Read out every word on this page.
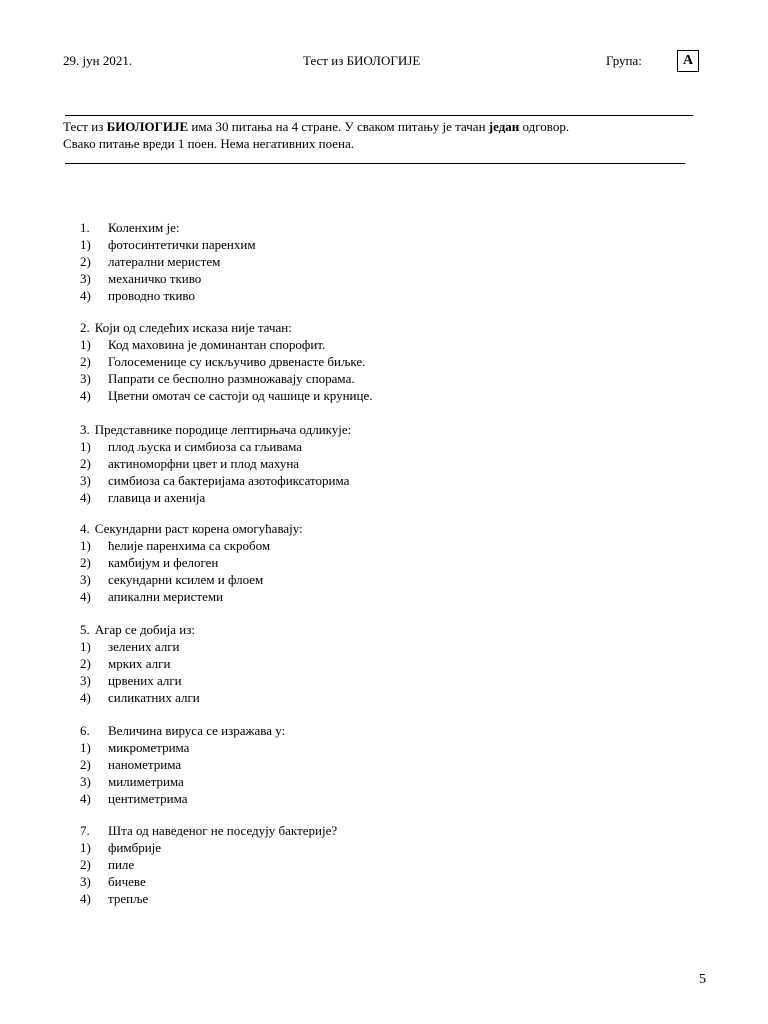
29. јун 2021.	Тест из БИОЛОГИЈЕ	Група:	А
Тест из БИОЛОГИЈЕ има 30 питања на 4 стране. У сваком питању је тачан један одговор.
Свако питање вреди 1 поен. Нема негативних поена.
1. Коленхим је:
1) фотосинтетички паренхим
2) латерални меристем
3) механичко ткиво
4) проводно ткиво
2. Који од следећих исказа није тачан:
1) Код маховина је доминантан спорофит.
2) Голосеменице су искључиво дрвенасте биљке.
3) Папрати се бесполно размножавају спорама.
4) Цветни омотач се састоји од чашице и крунице.
3. Представнике породице лептирњача одликује:
1) плод љуска и симбиоза са гљивама
2) актиноморфни цвет и плод махуна
3) симбиоза са бактеријама азотофиксаторима
4) главица и ахенија
4. Секундарни раст корена омогућавају:
1) ћелије паренхима са скробом
2) камбијум и фелоген
3) секундарни ксилем и флоем
4) апикални меристеми
5. Агар се добија из:
1) зелених алги
2) мрких алги
3) црвених алги
4) силикатних алги
6. Величина вируса се изражава у:
1) микрометрима
2) нанометрима
3) милиметрима
4) центиметрима
7. Шта од наведеног не поседују бактерије?
1) фимбрије
2) пиле
3) бичеве
4) трепље
5
